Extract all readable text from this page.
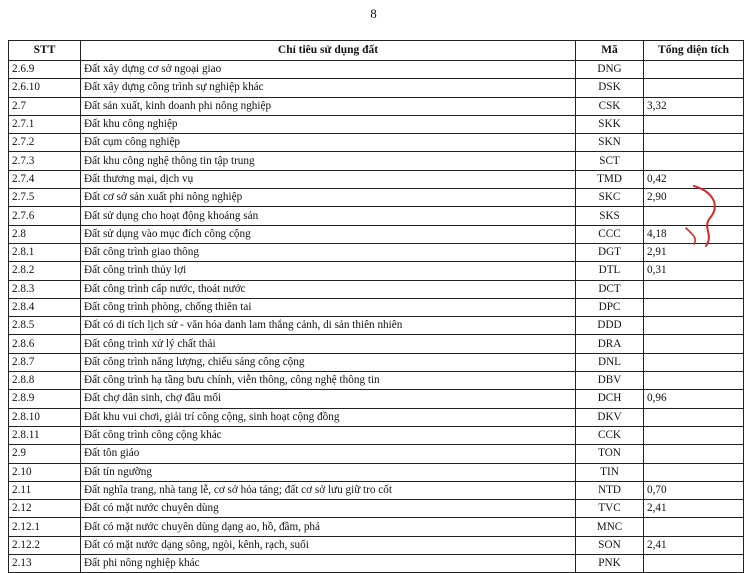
8
STT	Chỉ tiêu sử dụng đất	Mã	Tổng diện tích
2.6.9	Đất xây dựng cơ sở ngoại giao	DNG	
2.6.10	Đất xây dựng công trình sự nghiệp khác	DSK	
2.7	Đất sản xuất, kinh doanh phi nông nghiệp	CSK	3,32
2.7.1	Đất khu công nghiệp	SKK	
2.7.2	Đất cụm công nghiệp	SKN	
2.7.3	Đất khu công nghệ thông tin tập trung	SCT	
2.7.4	Đất thương mại, dịch vụ	TMD	0,42
2.7.5	Đất cơ sở sản xuất phi nông nghiệp	SKC	2,90
2.7.6	Đất sử dụng cho hoạt động khoáng sản	SKS	
2.8	Đất sử dụng vào mục đích công cộng	CCC	4,18
2.8.1	Đất công trình giao thông	DGT	2,91
2.8.2	Đất công trình thủy lợi	DTL	0,31
2.8.3	Đất công trình cấp nước, thoát nước	DCT	
2.8.4	Đất công trình phòng, chống thiên tai	DPC	
2.8.5	Đất có di tích lịch sử - văn hóa danh lam thắng cảnh, di sản thiên nhiên	DDD	
2.8.6	Đất công trình xử lý chất thải	DRA	
2.8.7	Đất công trình năng lượng, chiếu sáng công cộng	DNL	
2.8.8	Đất công trình hạ tầng bưu chính, viễn thông, công nghệ thông tin	DBV	
2.8.9	Đất chợ dân sinh, chợ đầu mối	DCH	0,96
2.8.10	Đất khu vui chơi, giải trí công cộng, sinh hoạt cộng đồng	DKV	
2.8.11	Đất công trình công cộng khác	CCK	
2.9	Đất tôn giáo	TON	
2.10	Đất tín ngưỡng	TIN	
2.11	Đất nghĩa trang, nhà tang lễ, cơ sở hỏa táng; đất cơ sở lưu giữ tro cốt	NTD	0,70
2.12	Đất có mặt nước chuyên dùng	TVC	2,41
2.12.1	Đất có mặt nước chuyên dùng dạng ao, hồ, đầm, phá	MNC	
2.12.2	Đất có mặt nước dạng sông, ngòi, kênh, rạch, suối	SON	2,41
2.13	Đất phi nông nghiệp khác	PNK	
